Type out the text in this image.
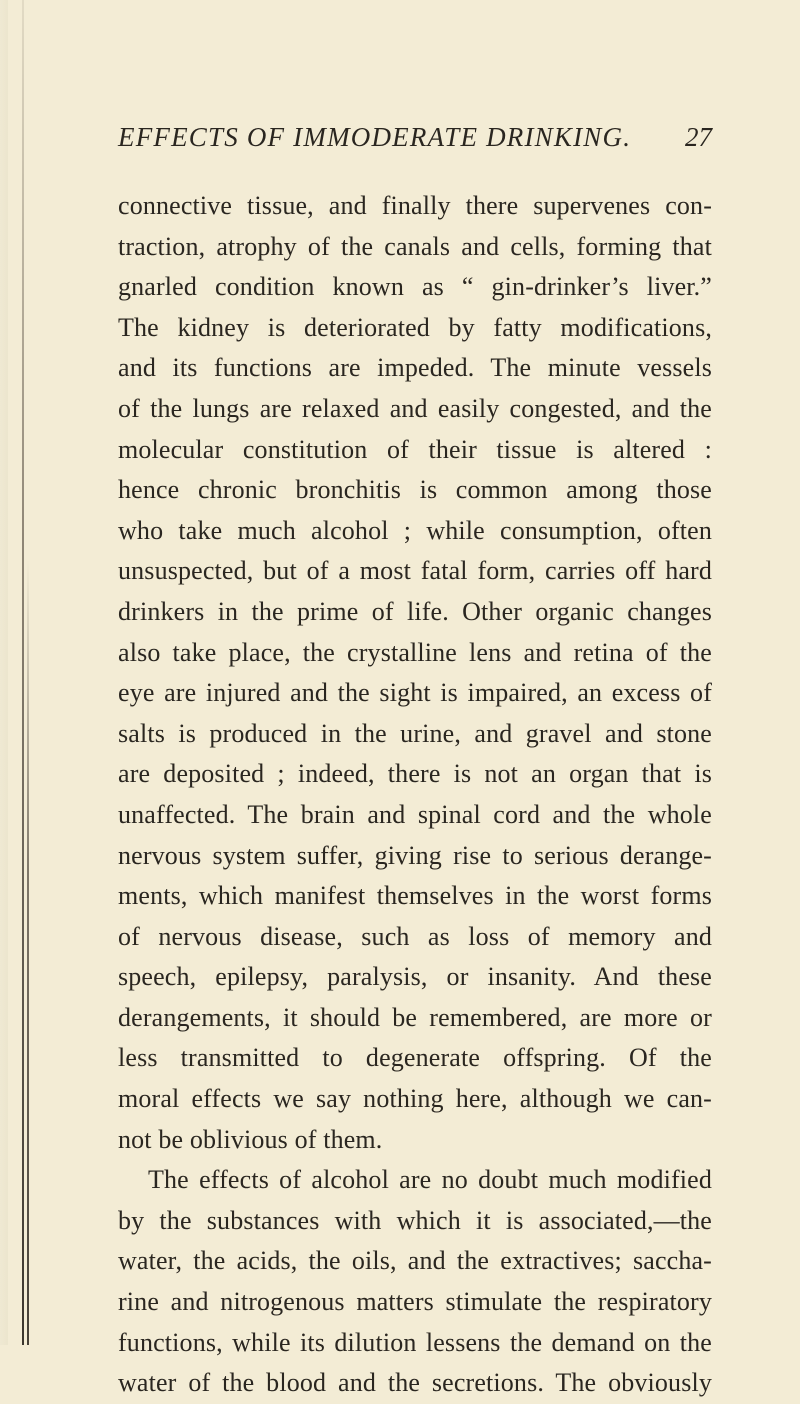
EFFECTS OF IMMODERATE DRINKING. 27
connective tissue, and finally there supervenes con-
traction, atrophy of the canals and cells, forming that
gnarled condition known as “ gin-drinker’s liver.”
The kidney is deteriorated by fatty modifications,
and its functions are impeded. The minute vessels
of the lungs are relaxed and easily congested, and the
molecular constitution of their tissue is altered :
hence chronic bronchitis is common among those
who take much alcohol ; while consumption, often
unsuspected, but of a most fatal form, carries off hard
drinkers in the prime of life. Other organic changes
also take place, the crystalline lens and retina of the
eye are injured and the sight is impaired, an excess of
salts is produced in the urine, and gravel and stone
are deposited ; indeed, there is not an organ that is
unaffected. The brain and spinal cord and the whole
nervous system suffer, giving rise to serious derange-
ments, which manifest themselves in the worst forms
of nervous disease, such as loss of memory and
speech, epilepsy, paralysis, or insanity. And these
derangements, it should be remembered, are more or
less transmitted to degenerate offspring. Of the
moral effects we say nothing here, although we can-
not be oblivious of them.
The effects of alcohol are no doubt much modified
by the substances with which it is associated,—the
water, the acids, the oils, and the extractives; saccha-
rine and nitrogenous matters stimulate the respiratory
functions, while its dilution lessens the demand on the
water of the blood and the secretions. The obviously
